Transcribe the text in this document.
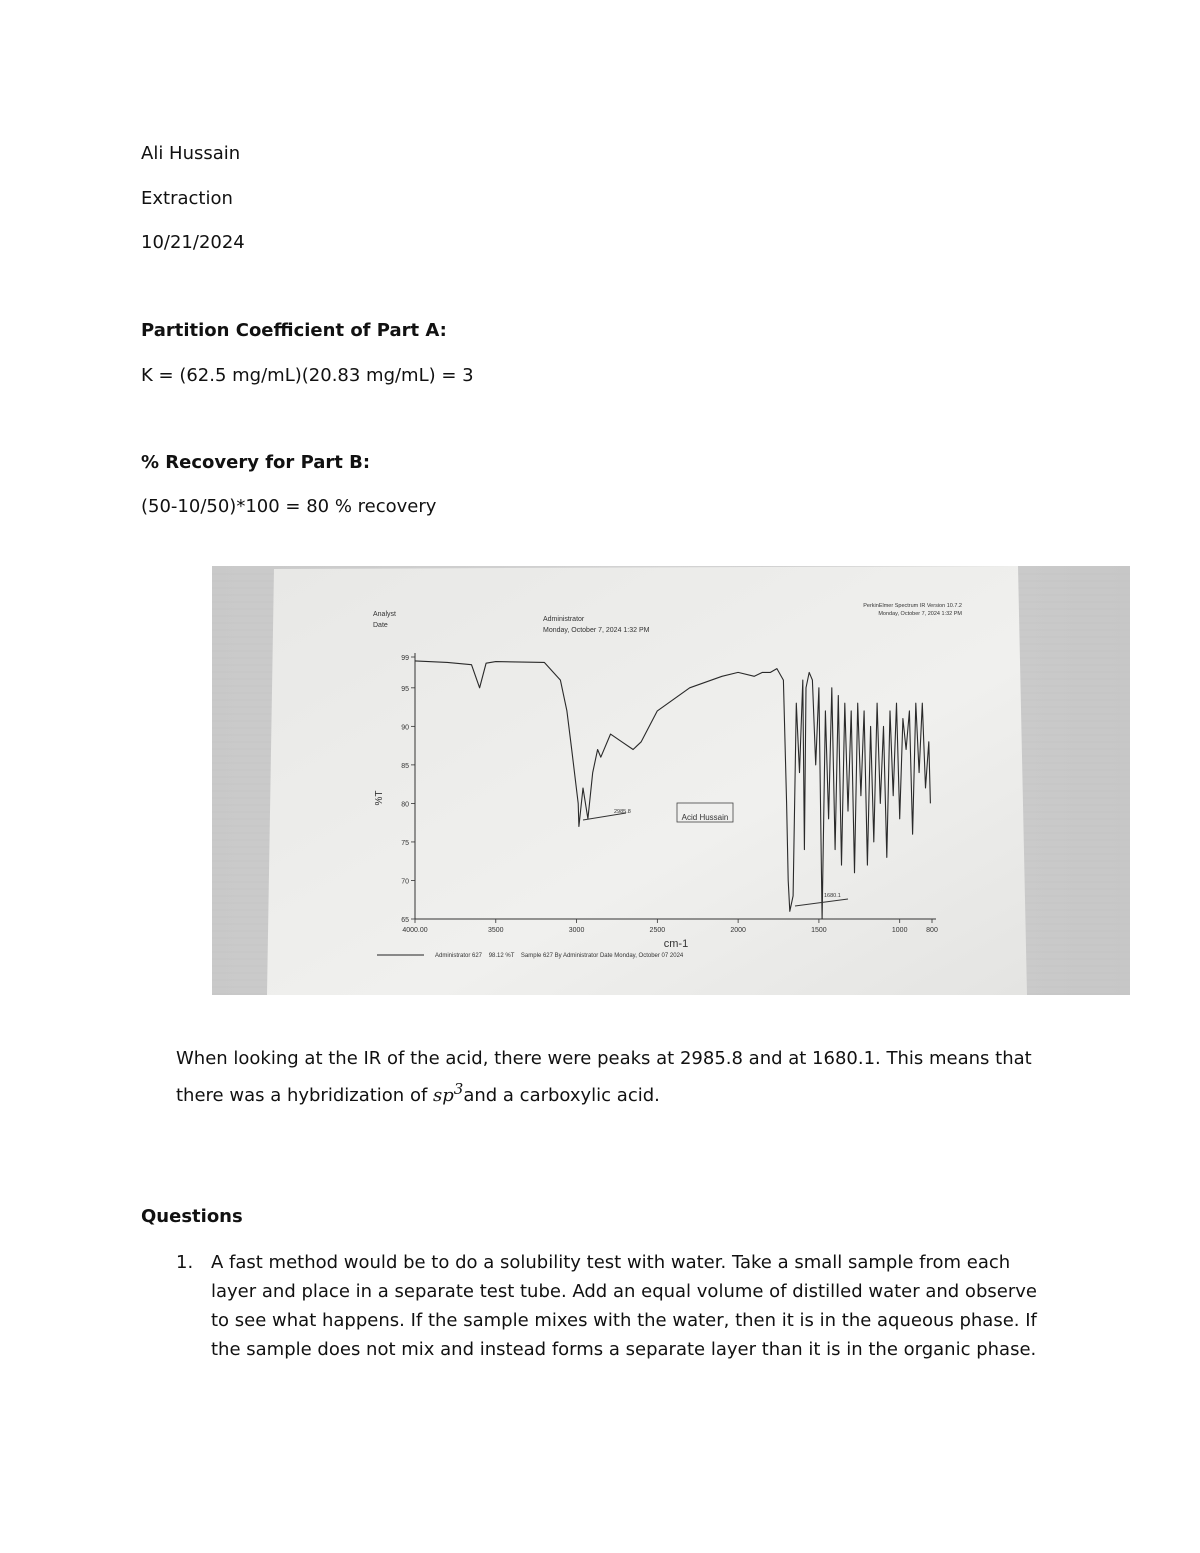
Ali Hussain
Extraction
10/21/2024
Partition Coefficient of Part A:
K = (62.5 mg/mL)(20.83 mg/mL) = 3
% Recovery for Part B:
(50-10/50)*100 = 80 % recovery
Analyst
Date
Administrator
Monday, October 7, 2024 1:32 PM
PerkinElmer Spectrum IR Version 10.7.2
Monday, October 7, 2024 1:32 PM
99
95
90
85
80
75
70
65
4000.00	3500	3000	2500	2000	1500	1000	800
%T
cm-1
2985.8
1680.1
Acid Hussain
Administrator 627    98.12 %T    Sample 627 By Administrator Date Monday, October 07 2024
When looking at the IR of the acid, there were peaks at 2985.8 and at 1680.1. This means that there was a hybridization of $sp^3and$ a carboxylic acid.
Questions
1. A fast method would be to do a solubility test with water. Take a small sample from each layer and place in a separate test tube. Add an equal volume of distilled water and observe to see what happens. If the sample mixes with the water, then it is in the aqueous phase. If the sample does not mix and instead forms a separate layer than it is in the organic phase.
